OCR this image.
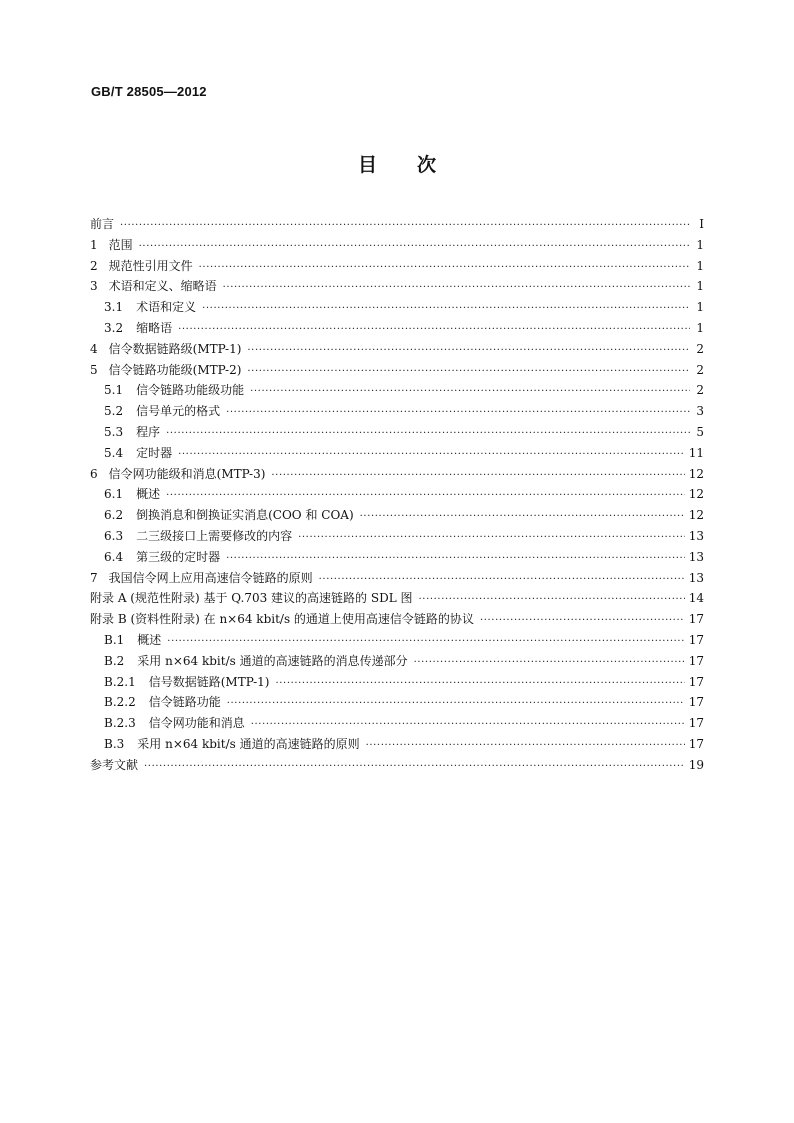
GB/T 28505—2012
目次
前言 ·····	Ⅰ
1 范围 ·····	1
2 规范性引用文件 ·····	1
3 术语和定义、缩略语 ·····	1
3.1 术语和定义 ·····	1
3.2 缩略语 ·····	1
4 信令数据链路级(MTP-1) ·····	2
5 信令链路功能级(MTP-2) ·····	2
5.1 信令链路功能级功能 ·····	2
5.2 信号单元的格式 ·····	3
5.3 程序 ·····	5
5.4 定时器 ·····	11
6 信令网功能级和消息(MTP-3) ·····	12
6.1 概述 ·····	12
6.2 倒换消息和倒换证实消息(COO 和 COA) ·····	12
6.3 二三级接口上需要修改的内容 ·····	13
6.4 第三级的定时器 ·····	13
7 我国信令网上应用高速信令链路的原则 ·····	13
附录 A (规范性附录) 基于 Q.703 建议的高速链路的 SDL 图 ·····	14
附录 B (资料性附录) 在 n×64 kbit/s 的通道上使用高速信令链路的协议 ·····	17
B.1 概述 ·····	17
B.2 采用 n×64 kbit/s 通道的高速链路的消息传递部分 ·····	17
B.2.1 信号数据链路(MTP-1) ·····	17
B.2.2 信令链路功能 ·····	17
B.2.3 信令网功能和消息 ·····	17
B.3 采用 n×64 kbit/s 通道的高速链路的原则 ·····	17
参考文献 ·····	19
